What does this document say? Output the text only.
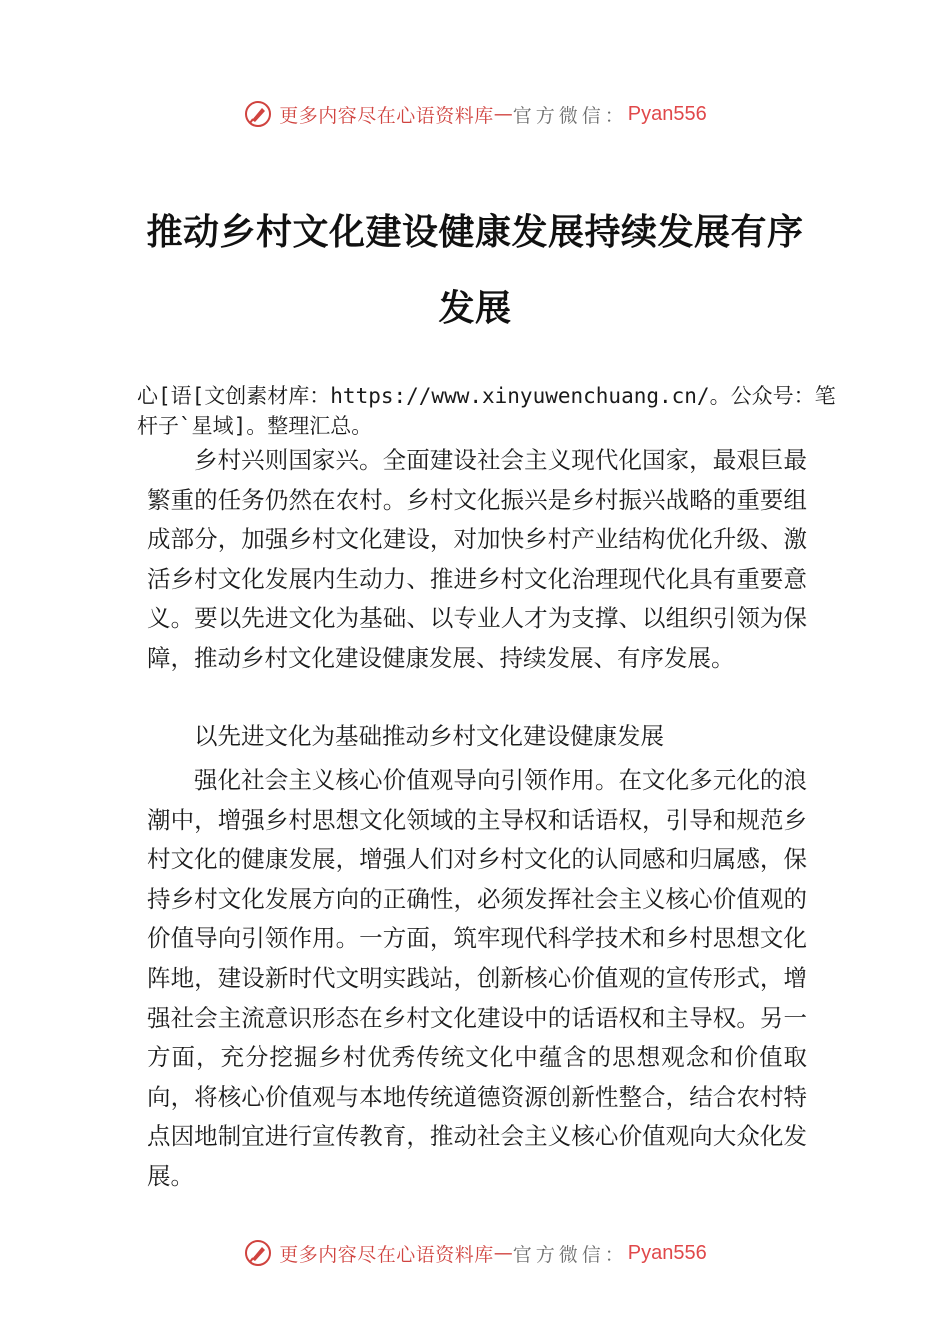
更多内容尽在心语资料库 — 官方微信： Pyan556
推动乡村文化建设健康发展持续发展有序
发展
心[语[文创素材库：https://www.xinyuwenchuang.cn/。公众号：笔杆子`星域]。整理汇总。

乡村兴则国家兴。全面建设社会主义现代化国家，最艰巨最繁重的任务仍然在农村。乡村文化振兴是乡村振兴战略的重要组成部分，加强乡村文化建设，对加快乡村产业结构优化升级、激活乡村文化发展内生动力、推进乡村文化治理现代化具有重要意义。要以先进文化为基础、以专业人才为支撑、以组织引领为保障，推动乡村文化建设健康发展、持续发展、有序发展。

以先进文化为基础推动乡村文化建设健康发展

强化社会主义核心价值观导向引领作用。在文化多元化的浪潮中，增强乡村思想文化领域的主导权和话语权，引导和规范乡村文化的健康发展，增强人们对乡村文化的认同感和归属感，保持乡村文化发展方向的正确性，必须发挥社会主义核心价值观的价值导向引领作用。一方面，筑牢现代科学技术和乡村思想文化阵地，建设新时代文明实践站，创新核心价值观的宣传形式，增强社会主流意识形态在乡村文化建设中的话语权和主导权。另一方面，充分挖掘乡村优秀传统文化中蕴含的思想观念和价值取向，将核心价值观与本地传统道德资源创新性整合，结合农村特点因地制宜进行宣传教育，推动社会主义核心价值观向大众化发展。

更多内容尽在心语资料库 — 官方微信： Pyan556
